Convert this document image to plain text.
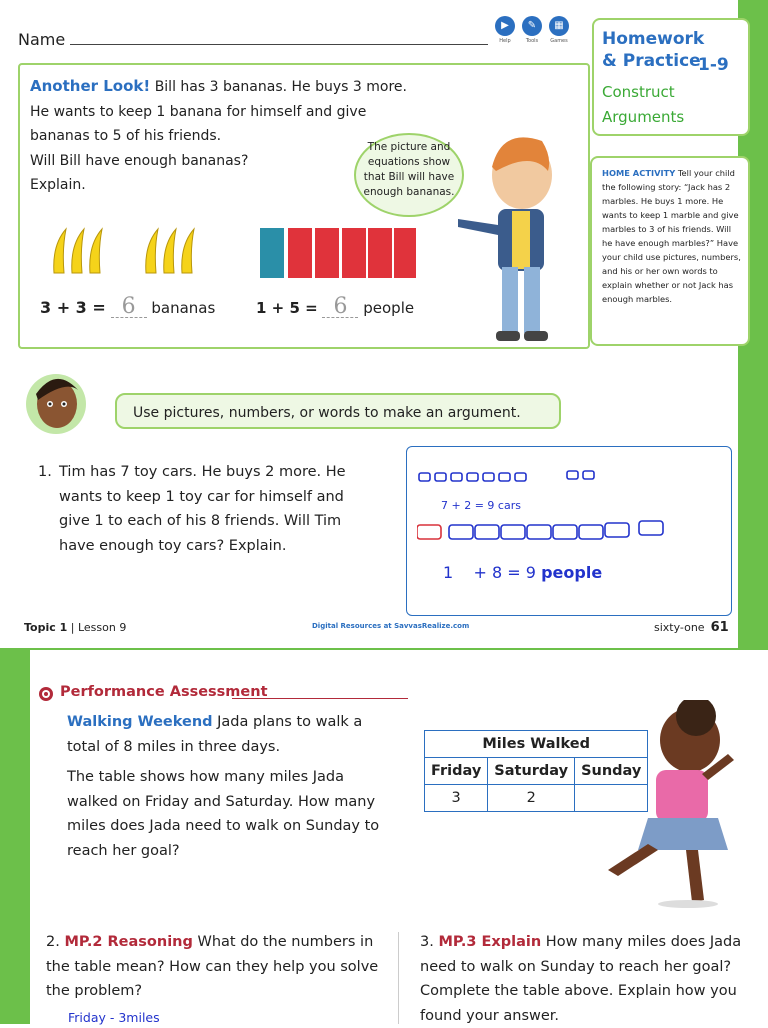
Name
▶
Help
✎
Tools
▦
Games Homework
& Practice
1-9
Construct
Arguments
HOME ACTIVITY Tell your child the following story: “Jack has 2 marbles. He buys 1 more. He wants to keep 1 marble and give marbles to 3 of his friends. Will he have enough marbles?” Have your child use pictures, numbers, and his or her own words to explain whether or not Jack has enough marbles.
Another Look! Bill has 3 bananas. He buys 3 more.
He wants to keep 1 banana for himself and give
bananas to 5 of his friends.
Will Bill have enough bananas?
Explain.
The picture and equations show that Bill will have enough bananas.
3 + 3 = 6 bananas	1 + 5 = 6 people
Use pictures, numbers, or words to make an argument.
1. Tim has 7 toy cars. He buys 2 more. He wants to keep 1 toy car for himself and give 1 to each of his 8 friends. Will Tim have enough toy cars? Explain.
7 + 2 = 9 cars
1 + 8 = 9 people
Topic 1 | Lesson 9	Digital Resources at SavvasRealize.com	sixty-one 61
Performance Assessment
Walking Weekend Jada plans to walk a total of 8 miles in three days.
The table shows how many miles Jada walked on Friday and Saturday. How many miles does Jada need to walk on Sunday to reach her goal?
Miles Walked		
Friday	Saturday	Sunday
3	2	
2. MP.2 Reasoning What do the numbers in the table mean? How can they help you solve the problem?
3. MP.3 Explain How many miles does Jada need to walk on Sunday to reach her goal? Complete the table above. Explain how you found your answer.
Friday - 3miles
